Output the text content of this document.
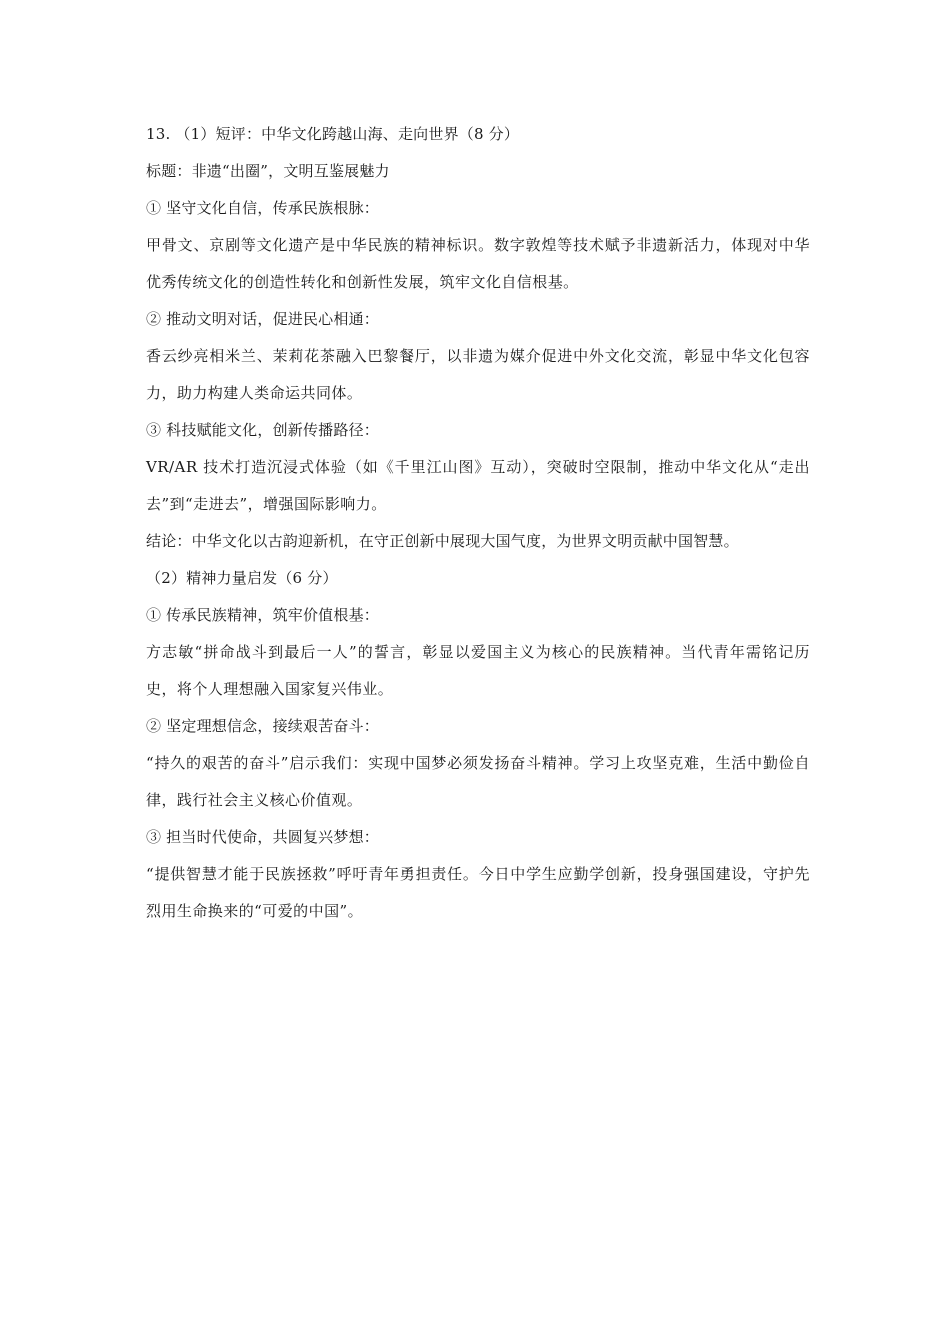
13. （1）短评：中华文化跨越山海、走向世界（8 分）
标题：非遗“出圈”，文明互鉴展魅力
① 坚守文化自信，传承民族根脉：
甲骨文、京剧等文化遗产是中华民族的精神标识。数字敦煌等技术赋予非遗新活力，体现对中华优秀传统文化的创造性转化和创新性发展，筑牢文化自信根基。
② 推动文明对话，促进民心相通：
香云纱亮相米兰、茉莉花茶融入巴黎餐厅，以非遗为媒介促进中外文化交流，彰显中华文化包容力，助力构建人类命运共同体。
③ 科技赋能文化，创新传播路径：
VR/AR 技术打造沉浸式体验（如《千里江山图》互动），突破时空限制，推动中华文化从“走出去”到“走进去”，增强国际影响力。
结论：中华文化以古韵迎新机，在守正创新中展现大国气度，为世界文明贡献中国智慧。
（2）精神力量启发（6 分）
① 传承民族精神，筑牢价值根基：
方志敏“拼命战斗到最后一人”的誓言，彰显以爱国主义为核心的民族精神。当代青年需铭记历史，将个人理想融入国家复兴伟业。
② 坚定理想信念，接续艰苦奋斗：
“持久的艰苦的奋斗”启示我们：实现中国梦必须发扬奋斗精神。学习上攻坚克难，生活中勤俭自律，践行社会主义核心价值观。
③ 担当时代使命，共圆复兴梦想：
“提供智慧才能于民族拯救”呼吁青年勇担责任。今日中学生应勤学创新，投身强国建设，守护先烈用生命换来的“可爱的中国”。
